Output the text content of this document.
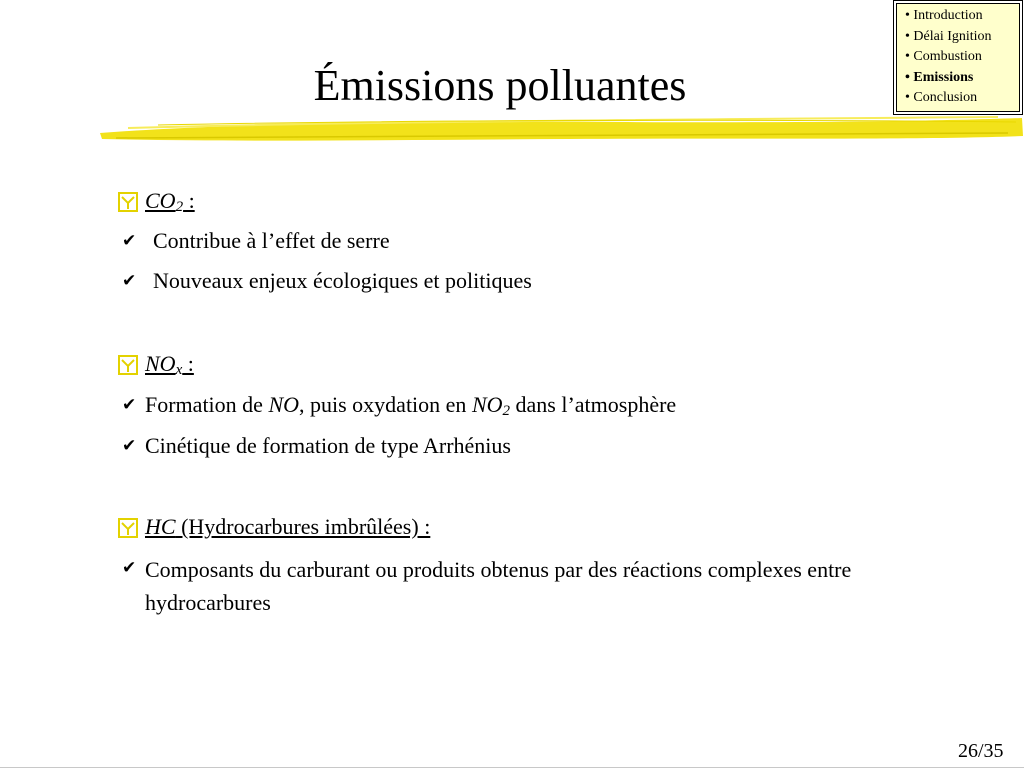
Émissions polluantes
• Introduction
• Délai Ignition
• Combustion
• Emissions
• Conclusion
$CO_2$ :
✔ Contribue à l’effet de serre
✔ Nouveaux enjeux écologiques et politiques
$NO_x$ :
✔ Formation de NO, puis oxydation en $NO_2$ dans l’atmosphère
✔ Cinétique de formation de type Arrhénius
HC (Hydrocarbures imbrûlées) :
✔ Composants du carburant ou produits obtenus par des réactions complexes entre hydrocarbures
26/35
